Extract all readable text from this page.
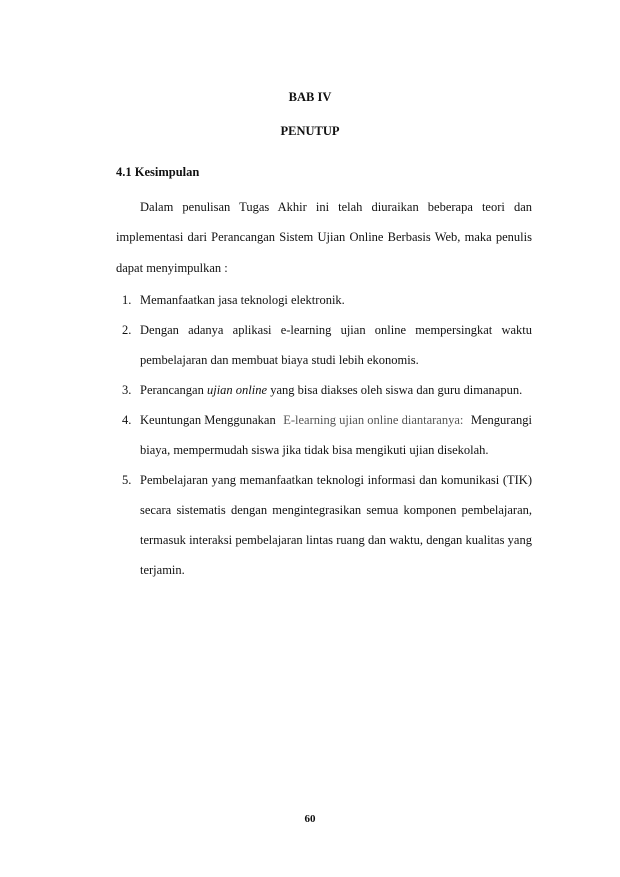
BAB IV
PENUTUP
4.1 Kesimpulan
Dalam penulisan Tugas Akhir ini telah diuraikan beberapa teori dan
implementasi dari Perancangan Sistem Ujian Online Berbasis Web, maka penulis
dapat menyimpulkan :
1. Memanfaatkan jasa teknologi elektronik.
2. Dengan adanya aplikasi e-learning ujian online mempersingkat waktu
pembelajaran dan membuat biaya studi lebih ekonomis.
3. Perancangan ujian online yang bisa diakses oleh siswa dan guru dimanapun.
4. Keuntungan Menggunakan E-learning ujian online diantaranya: Mengurangi
biaya, mempermudah siswa jika tidak bisa mengikuti ujian disekolah.
5. Pembelajaran yang memanfaatkan teknologi informasi dan komunikasi (TIK)
secara sistematis dengan mengintegrasikan semua komponen pembelajaran,
termasuk interaksi pembelajaran lintas ruang dan waktu, dengan kualitas yang
terjamin.
60
